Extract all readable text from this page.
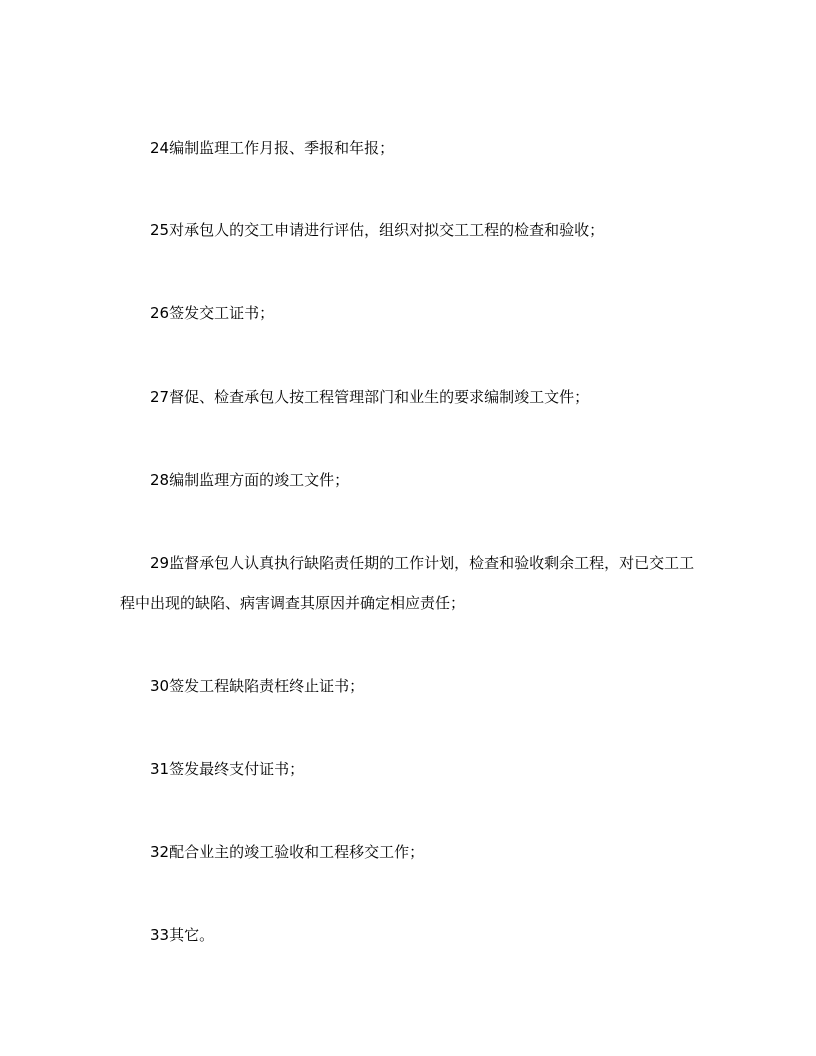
24编制监理工作月报、季报和年报；

25对承包人的交工申请进行评估，组织对拟交工工程的检查和验收；

26签发交工证书；

27督促、检查承包人按工程管理部门和业生的要求编制竣工文件；

28编制监理方面的竣工文件；

29监督承包人认真执行缺陷责任期的工作计划，检查和验收剩余工程，对已交工工程中出现的缺陷、病害调查其原因并确定相应责任；

30签发工程缺陷责枉终止证书；

31签发最终支付证书；

32配合业主的竣工验收和工程移交工作；

33其它。
